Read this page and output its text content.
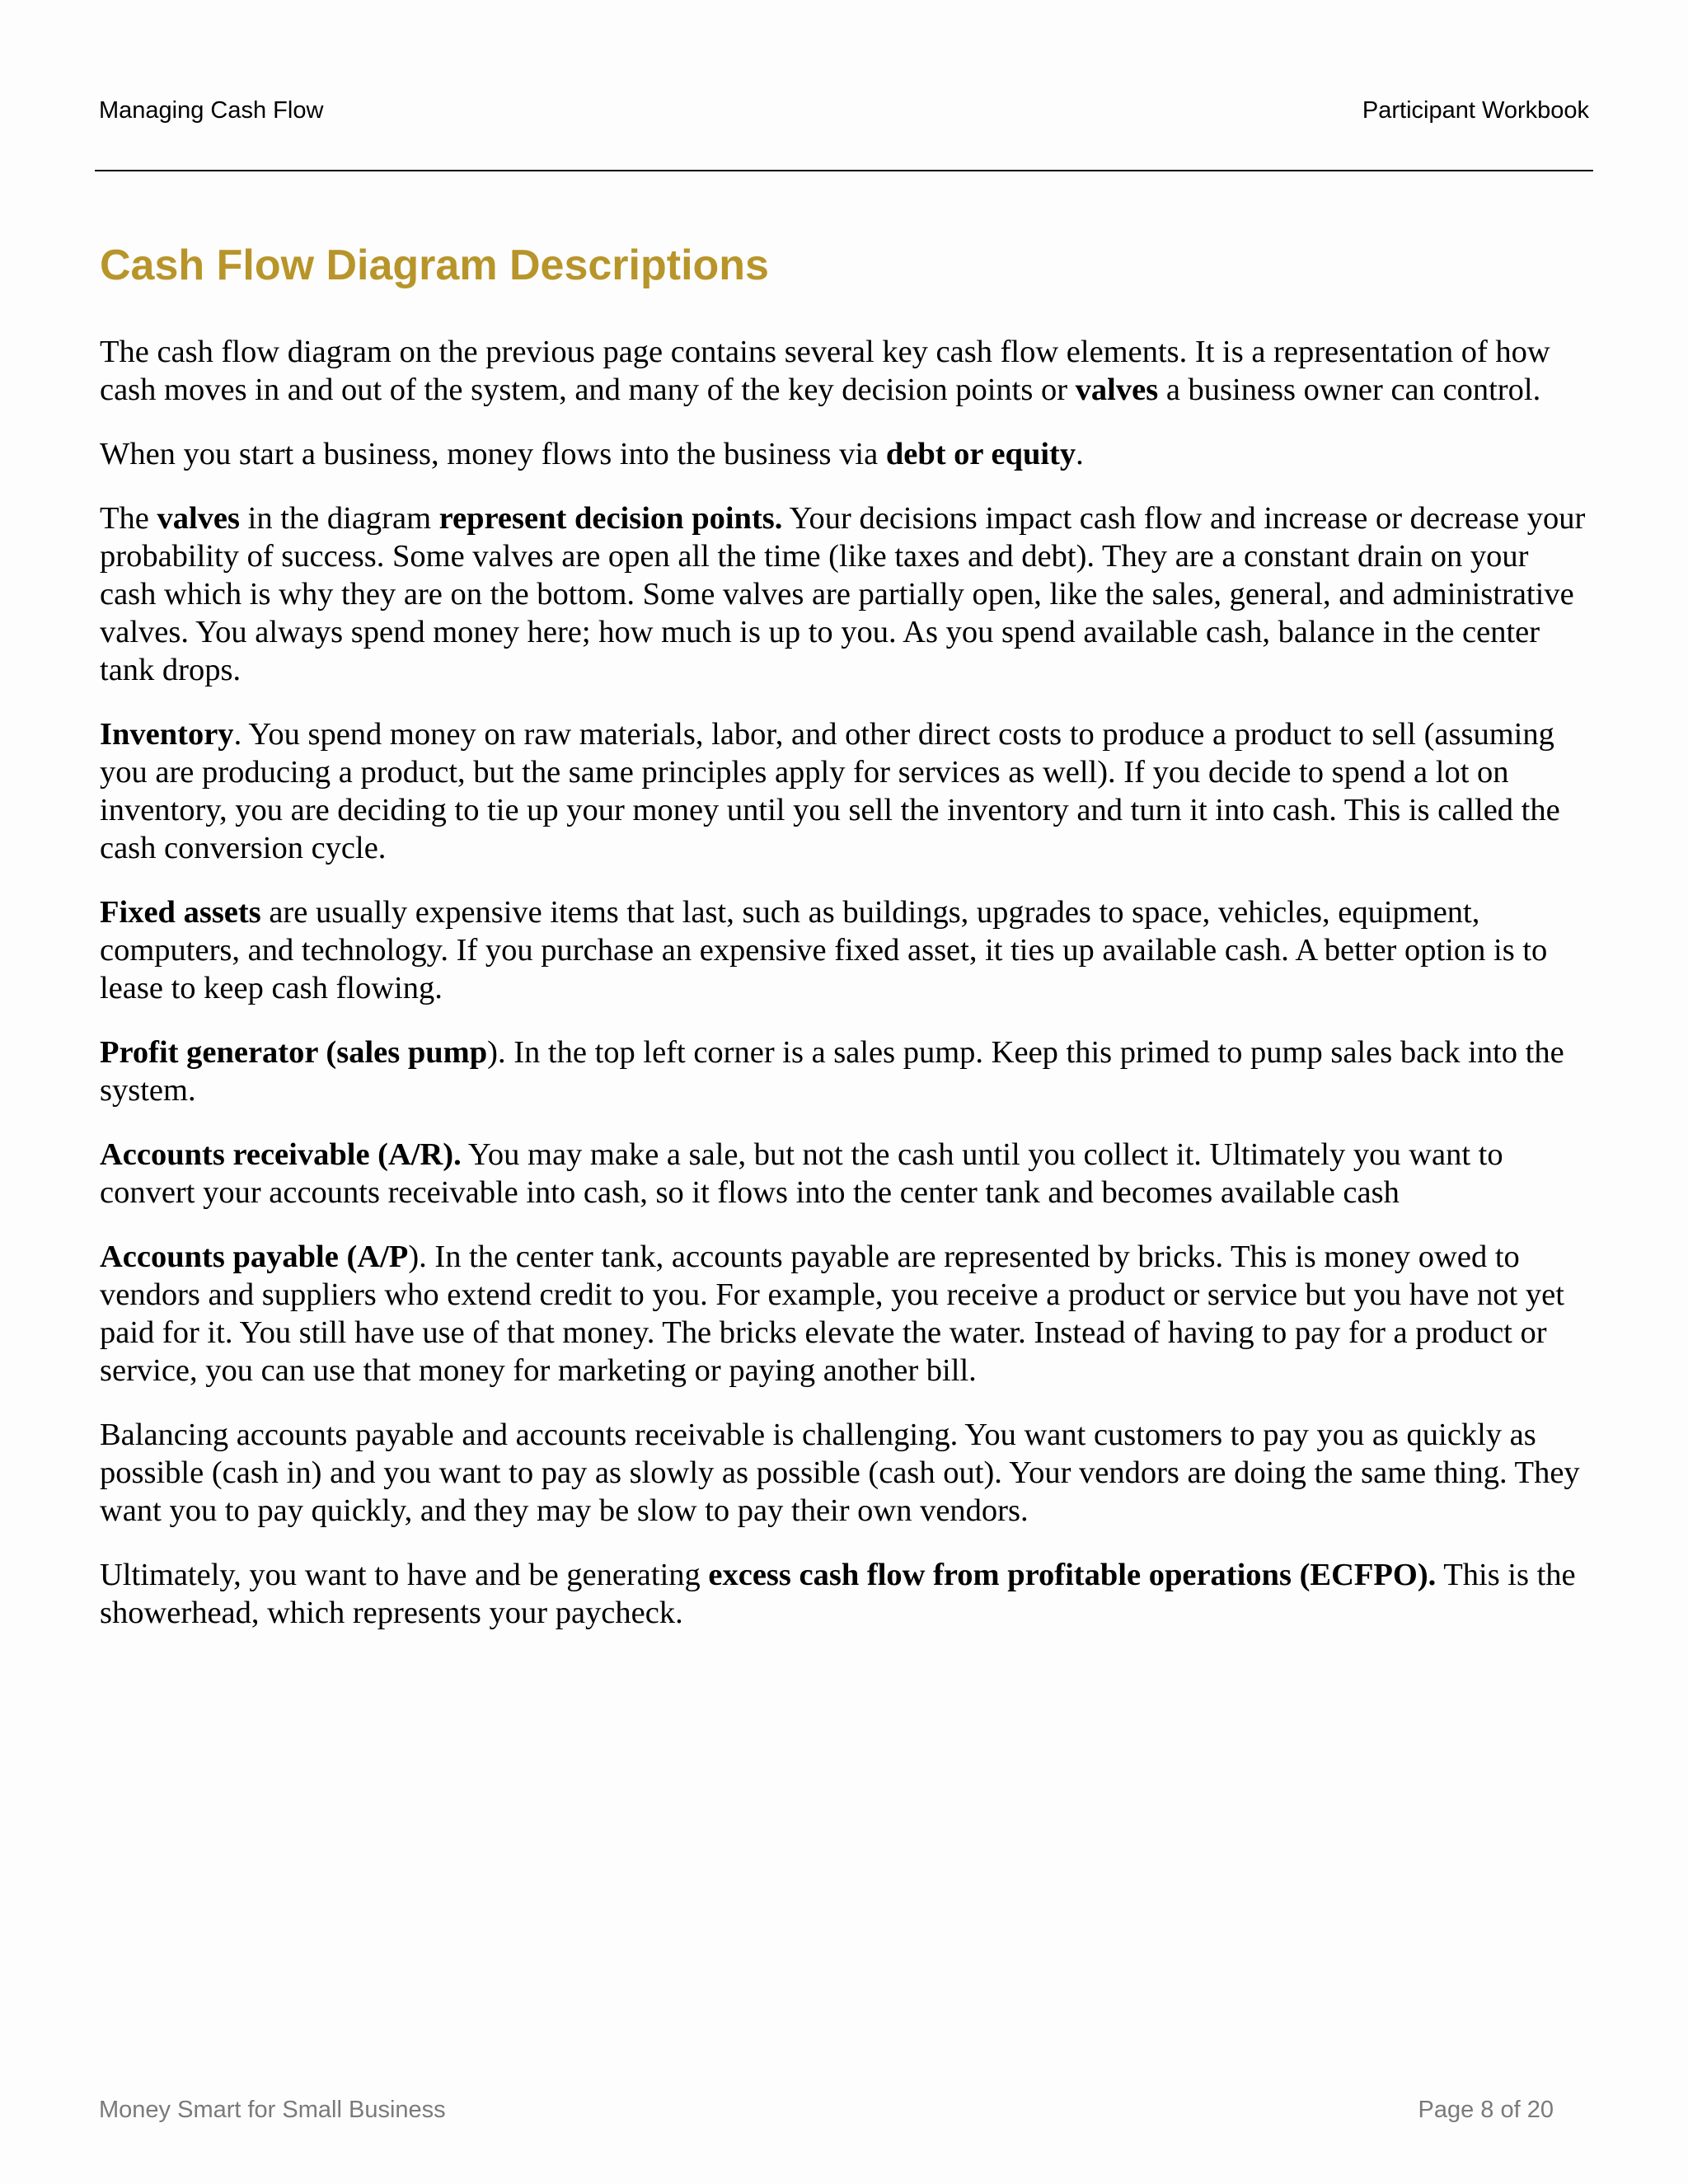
Managing Cash Flow	Participant Workbook
Cash Flow Diagram Descriptions

The cash flow diagram on the previous page contains several key cash flow elements. It is a representation of how cash moves in and out of the system, and many of the key decision points or valves a business owner can control.

When you start a business, money flows into the business via debt or equity.

The valves in the diagram represent decision points. Your decisions impact cash flow and increase or decrease your probability of success. Some valves are open all the time (like taxes and debt). They are a constant drain on your cash which is why they are on the bottom. Some valves are partially open, like the sales, general, and administrative valves. You always spend money here; how much is up to you. As you spend available cash, balance in the center tank drops.

Inventory. You spend money on raw materials, labor, and other direct costs to produce a product to sell (assuming you are producing a product, but the same principles apply for services as well). If you decide to spend a lot on inventory, you are deciding to tie up your money until you sell the inventory and turn it into cash. This is called the cash conversion cycle.

Fixed assets are usually expensive items that last, such as buildings, upgrades to space, vehicles, equipment, computers, and technology. If you purchase an expensive fixed asset, it ties up available cash. A better option is to lease to keep cash flowing.

Profit generator (sales pump). In the top left corner is a sales pump. Keep this primed to pump sales back into the system.

Accounts receivable (A/R). You may make a sale, but not the cash until you collect it. Ultimately you want to convert your accounts receivable into cash, so it flows into the center tank and becomes available cash

Accounts payable (A/P). In the center tank, accounts payable are represented by bricks. This is money owed to vendors and suppliers who extend credit to you. For example, you receive a product or service but you have not yet paid for it. You still have use of that money. The bricks elevate the water. Instead of having to pay for a product or service, you can use that money for marketing or paying another bill.

Balancing accounts payable and accounts receivable is challenging. You want customers to pay you as quickly as possible (cash in) and you want to pay as slowly as possible (cash out). Your vendors are doing the same thing. They want you to pay quickly, and they may be slow to pay their own vendors.

Ultimately, you want to have and be generating excess cash flow from profitable operations (ECFPO). This is the showerhead, which represents your paycheck.

Money Smart for Small Business	Page 8 of 20
